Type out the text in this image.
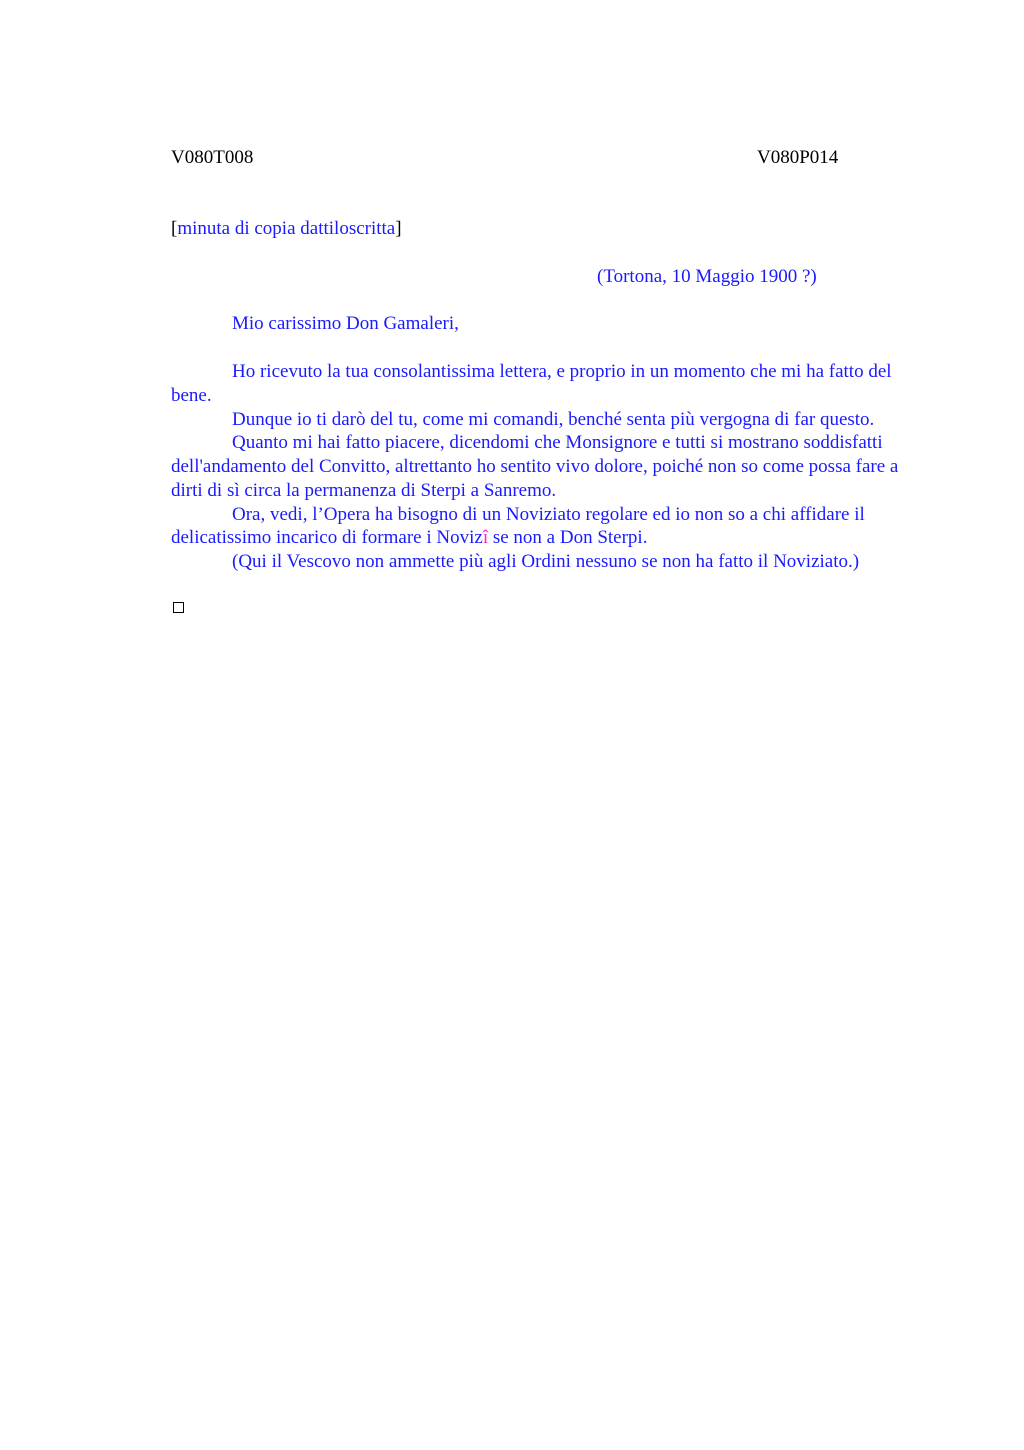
V080T008	V080P014
[minuta di copia dattiloscritta]
(Tortona, 10 Maggio 1900 ?)
Mio carissimo Don Gamaleri,

Ho ricevuto la tua consolantissima lettera, e proprio in un momento che mi ha fatto del bene.

Dunque io ti darò del tu, come mi comandi, benché senta più vergogna di far questo.

Quanto mi hai fatto piacere, dicendomi che Monsignore e tutti si mostrano soddisfatti dell'andamento del Convitto, altrettanto ho sentito vivo dolore, poiché non so come possa fare a dirti di sì circa la permanenza di Sterpi a Sanremo.

Ora, vedi, l’Opera ha bisogno di un Noviziato regolare ed io non so a chi affidare il delicatissimo incarico di formare i Novizî se non a Don Sterpi.

(Qui il Vescovo non ammette più agli Ordini nessuno se non ha fatto il Noviziato.)
